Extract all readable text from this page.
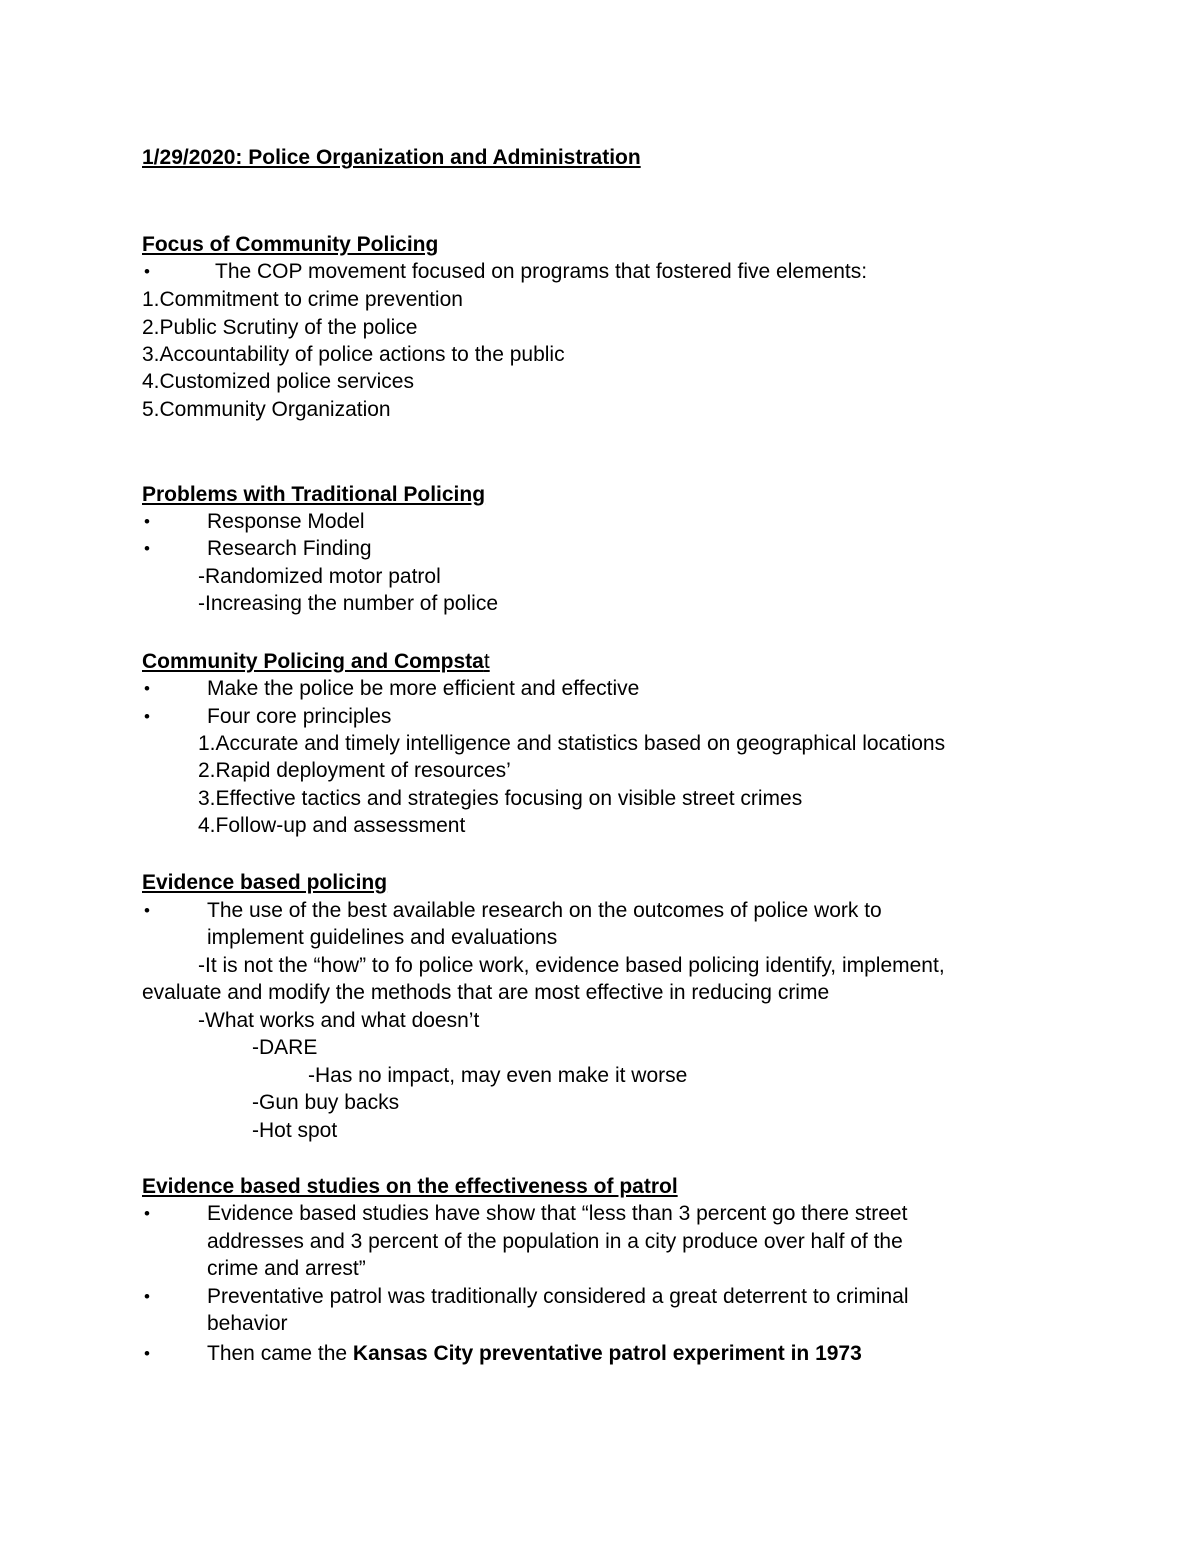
1/29/2020: Police Organization and Administration
Focus of Community Policing
•	The COP movement focused on programs that fostered five elements:
1.Commitment to crime prevention
2.Public Scrutiny of the police
3.Accountability of police actions to the public
4.Customized police services
5.Community Organization
Problems with Traditional Policing
•	Response Model
•	Research Finding
-Randomized motor patrol
-Increasing the number of police
Community Policing and Compstat
•	Make the police be more efficient and effective
•	Four core principles
1.Accurate and timely intelligence and statistics based on geographical locations
2.Rapid deployment of resources’
3.Effective tactics and strategies focusing on visible street crimes
4.Follow-up and assessment
Evidence based policing
•	The use of the best available research on the outcomes of police work to
implement guidelines and evaluations
-It is not the “how” to fo police work, evidence based policing identify, implement,
evaluate and modify the methods that are most effective in reducing crime
-What works and what doesn’t
-DARE
-Has no impact, may even make it worse
-Gun buy backs
-Hot spot
Evidence based studies on the effectiveness of patrol
•	Evidence based studies have show that “less than 3 percent go there street
addresses and 3 percent of the population in a city produce over half of the
crime and arrest”
•	Preventative patrol was traditionally considered a great deterrent to criminal
behavior
•	Then came the Kansas City preventative patrol experiment in 1973
